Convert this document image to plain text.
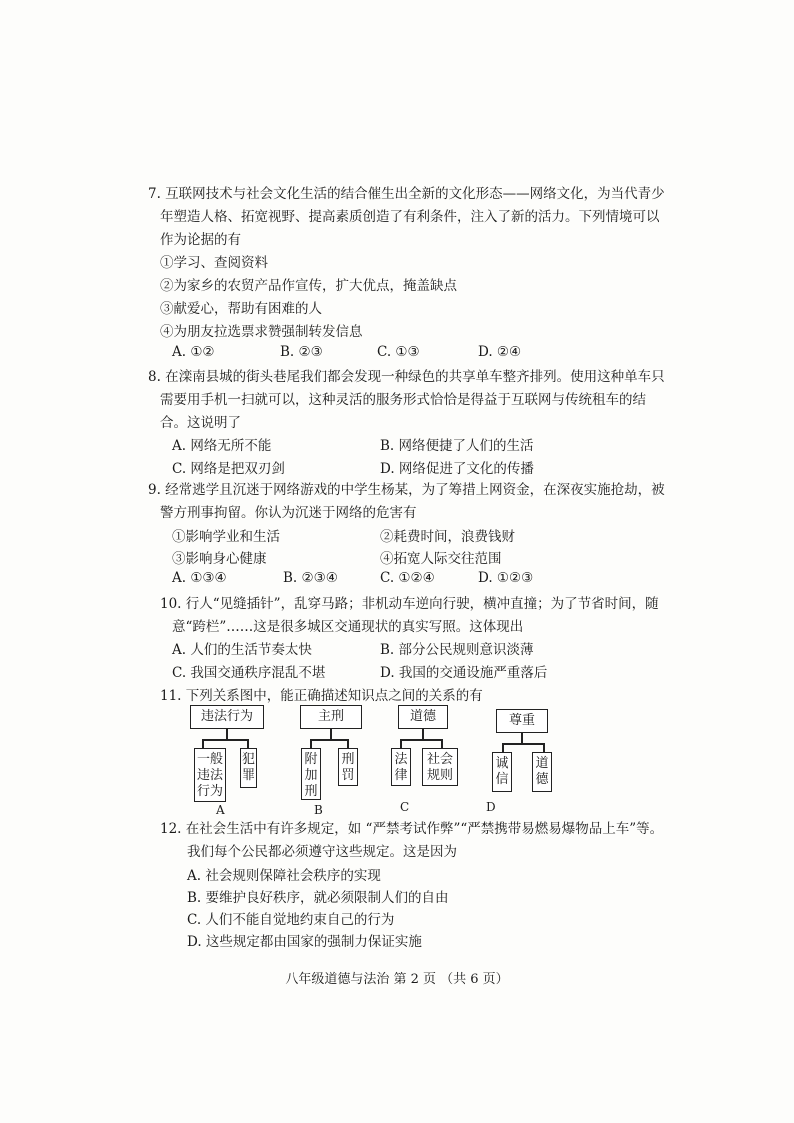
7. 互联网技术与社会文化生活的结合催生出全新的文化形态——网络文化，为当代青少
年塑造人格、拓宽视野、提高素质创造了有利条件，注入了新的活力。下列情境可以
作为论据的有
①学习、查阅资料
②为家乡的农贸产品作宣传，扩大优点，掩盖缺点
③献爱心，帮助有困难的人
④为朋友拉选票求赞强制转发信息
A. ①②	B. ②③	C. ①③	D. ②④
8. 在滦南县城的街头巷尾我们都会发现一种绿色的共享单车整齐排列。使用这种单车只
需要用手机一扫就可以，这种灵活的服务形式恰恰是得益于互联网与传统租车的结
合。这说明了
A. 网络无所不能	B. 网络便捷了人们的生活
C. 网络是把双刃剑	D. 网络促进了文化的传播
9. 经常逃学且沉迷于网络游戏的中学生杨某，为了筹措上网资金，在深夜实施抢劫，被
警方刑事拘留。你认为沉迷于网络的危害有
①影响学业和生活	②耗费时间，浪费钱财
③影响身心健康	④拓宽人际交往范围
A. ①③④	B. ②③④	C. ①②④	D. ①②③
10. 行人“见缝插针”，乱穿马路；非机动车逆向行驶，横冲直撞；为了节省时间，随
意“跨栏”……这是很多城区交通现状的真实写照。这体现出
A. 人们的生活节奏太快	B. 部分公民规则意识淡薄
C. 我国交通秩序混乱不堪	D. 我国的交通设施严重落后
11. 下列关系图中，能正确描述知识点之间的关系的有
违法行为
一般违法行为
犯罪
A
主刑
附加刑
刑罚
B
道德
法律
社会规则
C
尊重
诚信
道德
D
12. 在社会生活中有许多规定，如 “严禁考试作弊”“严禁携带易燃易爆物品上车”等。
我们每个公民都必须遵守这些规定。这是因为
A. 社会规则保障社会秩序的实现
B. 要维护良好秩序，就必须限制人们的自由
C. 人们不能自觉地约束自己的行为
D. 这些规定都由国家的强制力保证实施
八年级道德与法治 第 2 页 （共 6 页）
